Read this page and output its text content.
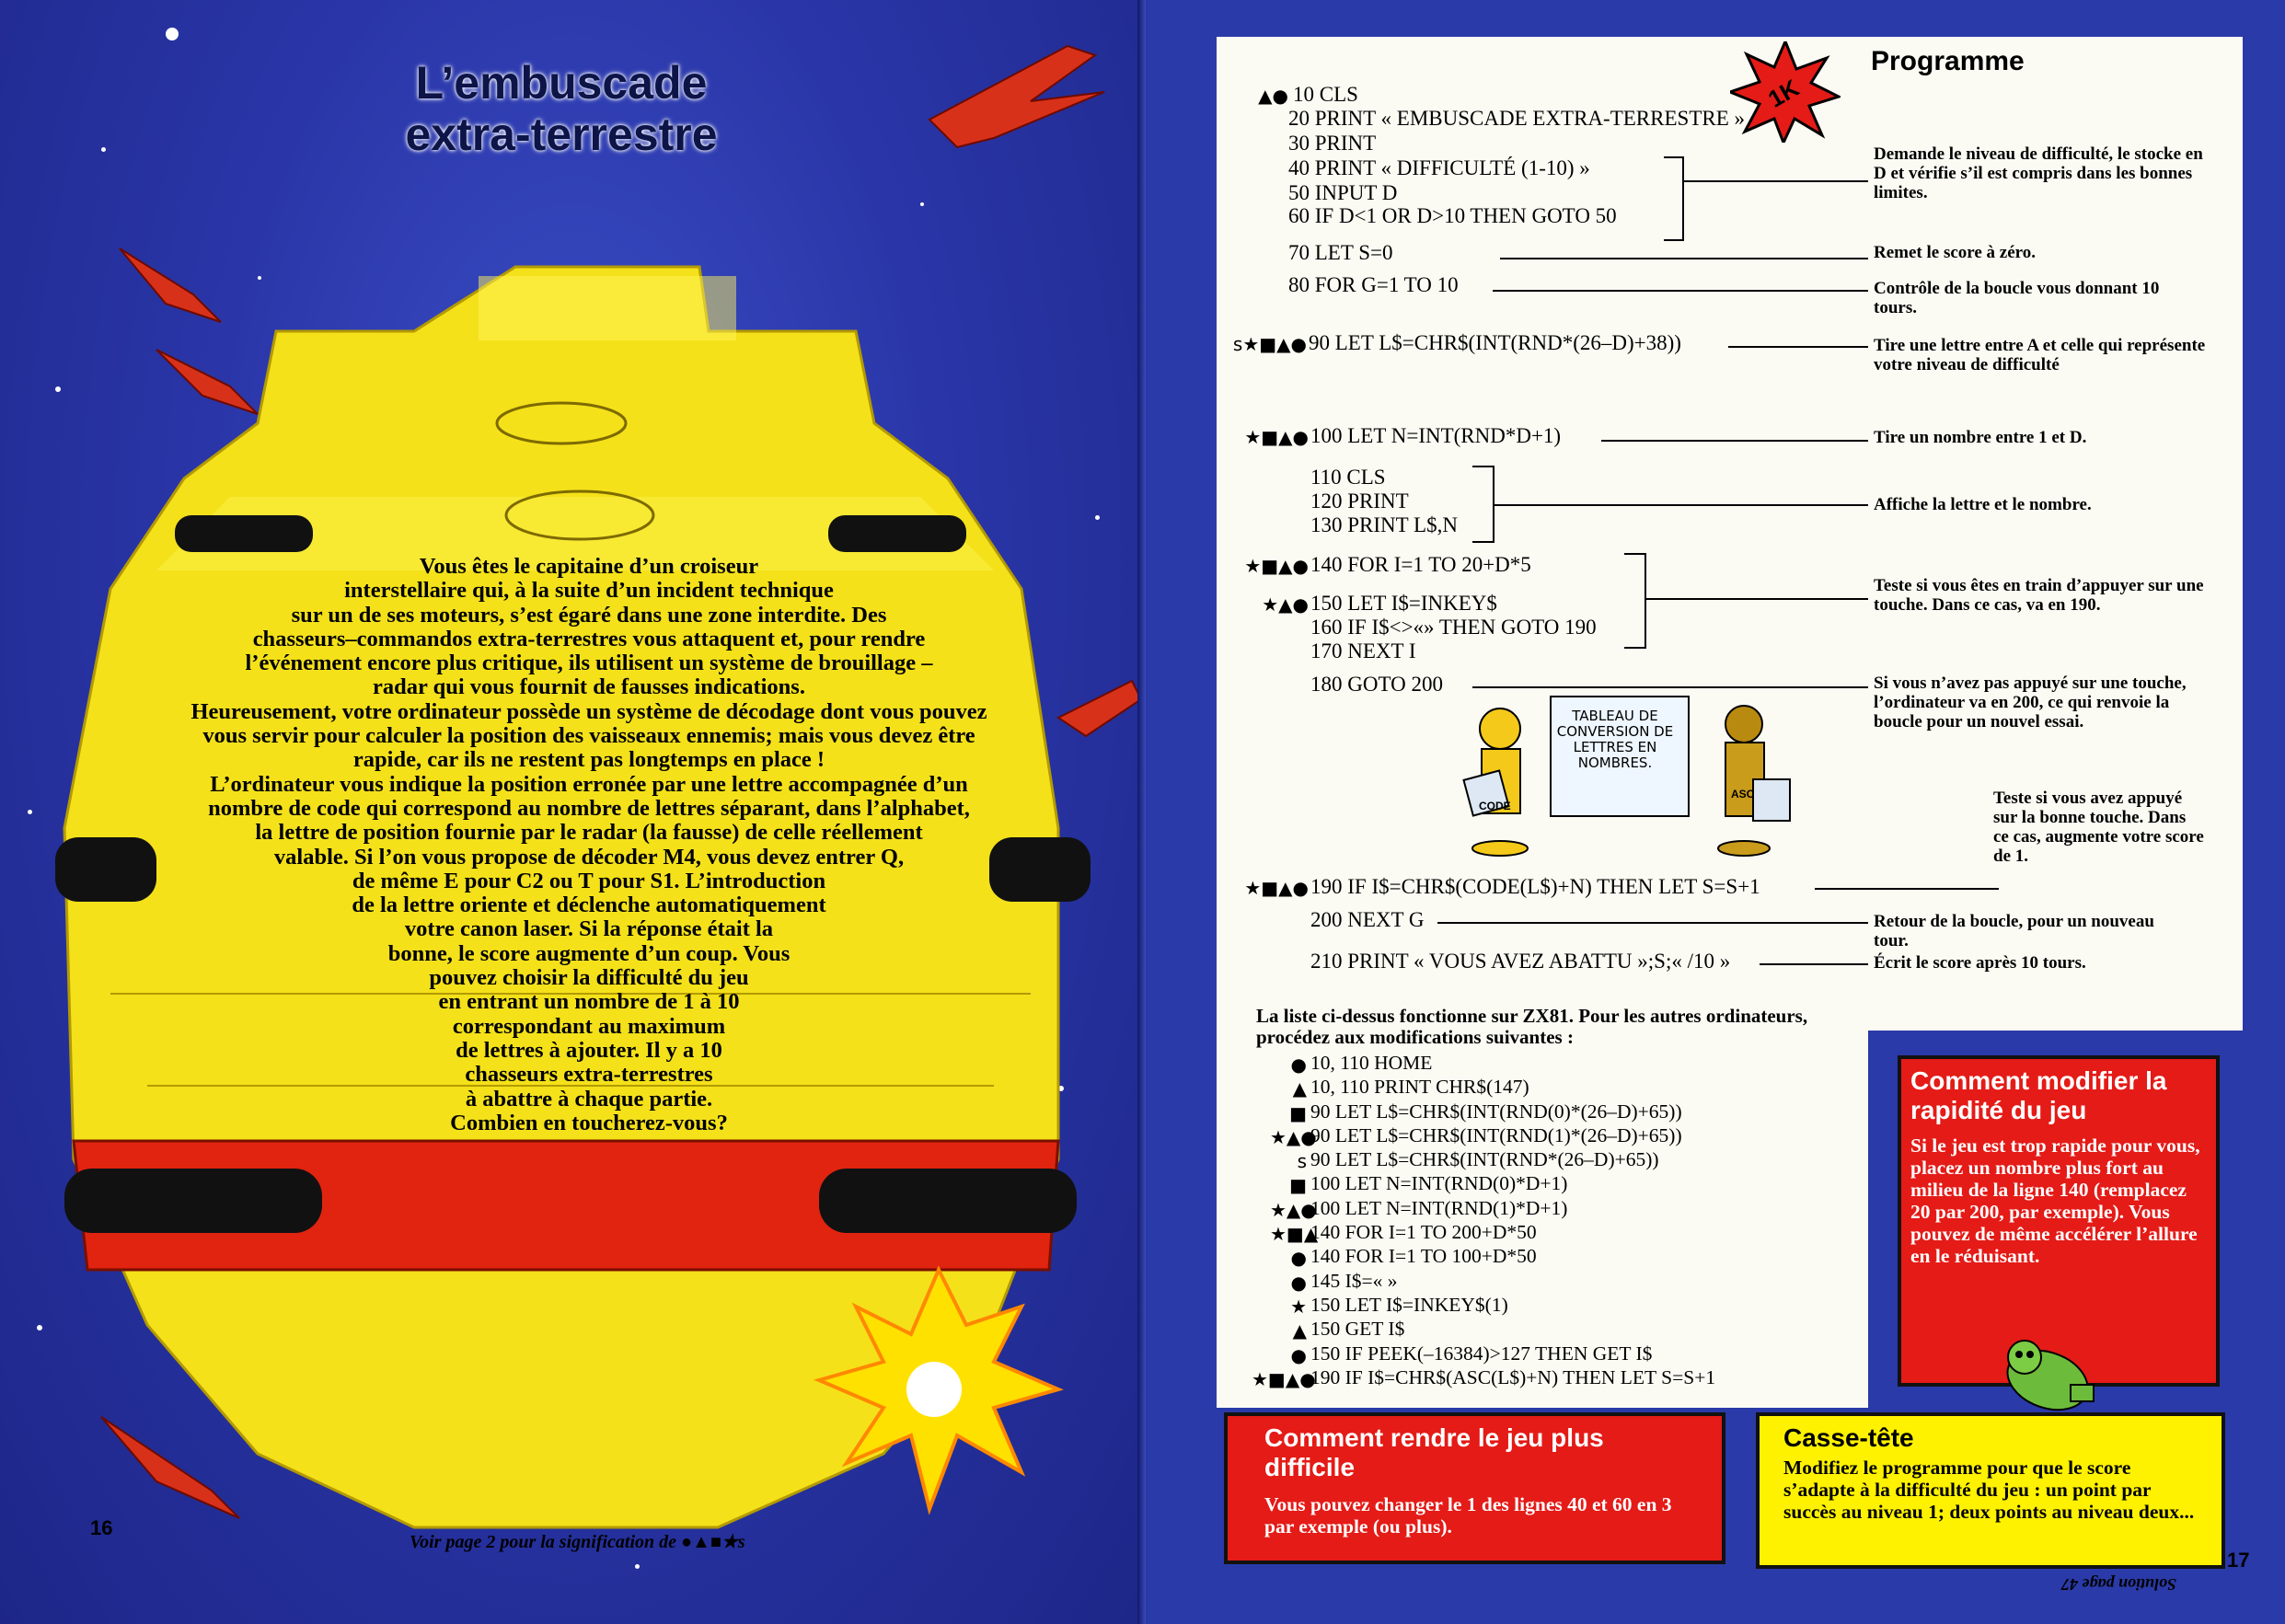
L’embuscade
extra-terrestre
Vous êtes le capitaine d’un croiseur
interstellaire qui, à la suite d’un incident technique
sur un de ses moteurs, s’est égaré dans une zone interdite. Des
chasseurs–commandos extra-terrestres vous attaquent et, pour rendre
l’événement encore plus critique, ils utilisent un système de brouillage –
radar qui vous fournit de fausses indications.
Heureusement, votre ordinateur possède un système de décodage dont vous pouvez
vous servir pour calculer la position des vaisseaux ennemis; mais vous devez être
rapide, car ils ne restent pas longtemps en place !
L’ordinateur vous indique la position erronée par une lettre accompagnée d’un
nombre de code qui correspond au nombre de lettres séparant, dans l’alphabet,
la lettre de position fournie par le radar (la fausse) de celle réellement
valable. Si l’on vous propose de décoder M4, vous devez entrer Q,
de même E pour C2 ou T pour S1. L’introduction
de la lettre oriente et déclenche automatiquement
votre canon laser. Si la réponse était la
bonne, le score augmente d’un coup. Vous
pouvez choisir la difficulté du jeu
en entrant un nombre de 1 à 10
correspondant au maximum
de lettres à ajouter. Il y a 10
chasseurs extra-terrestres
à abattre à chaque partie.
Combien en toucherez-vous?
16
Voir page 2 pour la signification de ●▲■★s
1K
Programme
▲● 10 CLS
20 PRINT « EMBUSCADE EXTRA-TERRESTRE »
30 PRINT
40 PRINT « DIFFICULTÉ (1-10) »
50 INPUT D
60 IF D<1 OR D>10 THEN GOTO 50
70 LET S=0
80 FOR G=1 TO 10
s★■▲● 90 LET L$=CHR$(INT(RND*(26–D)+38))
★■▲● 100 LET N=INT(RND*D+1)
110 CLS
120 PRINT
130 PRINT L$,N
★■▲● 140 FOR I=1 TO 20+D*5
★▲● 150 LET I$=INKEY$
160 IF I$<>«» THEN GOTO 190
170 NEXT I
180 GOTO 200
★■▲● 190 IF I$=CHR$(CODE(L$)+N) THEN LET S=S+1
200 NEXT G
210 PRINT « VOUS AVEZ ABATTU »;S;« /10 »
Demande le niveau de difficulté, le stocke en D et vérifie s’il est compris dans les bonnes limites.
Remet le score à zéro.
Contrôle de la boucle vous donnant 10 tours.
Tire une lettre entre A et celle qui représente votre niveau de difficulté
Tire un nombre entre 1 et D.
Affiche la lettre et le nombre.
Teste si vous êtes en train d’appuyer sur une touche. Dans ce cas, va en 190.
Si vous n’avez pas appuyé sur une touche, l’ordinateur va en 200, ce qui renvoie la boucle pour un nouvel essai.
Teste si vous avez appuyé sur la bonne touche. Dans ce cas, augmente votre score de 1.
Retour de la boucle, pour un nouveau tour.
Écrit le score après 10 tours.
CODE
ASC
TABLEAU DE CONVERSION DE LETTRES EN NOMBRES.
La liste ci-dessus fonctionne sur ZX81. Pour les autres ordinateurs, procédez aux modifications suivantes :
● 10, 110 HOME
▲ 10, 110 PRINT CHR$(147)
■ 90 LET L$=CHR$(INT(RND(0)*(26–D)+65))
★▲●
90 LET L$=CHR$(INT(RND(1)*(26–D)+65))
s 90 LET L$=CHR$(INT(RND*(26–D)+65))
■ 100 LET N=INT(RND(0)*D+1)
★▲●
100 LET N=INT(RND(1)*D+1)
★■▲
140 FOR I=1 TO 200+D*50
● 140 FOR I=1 TO 100+D*50
● 145 I$=« »
★ 150 LET I$=INKEY$(1)
▲ 150 GET I$
● 150 IF PEEK(–16384)>127 THEN GET I$
★■▲●
190 IF I$=CHR$(ASC(L$)+N) THEN LET S=S+1
Comment modifier la rapidité du jeu
Si le jeu est trop rapide pour vous, placez un nombre plus fort au milieu de la ligne 140 (remplacez 20 par 200, par exemple). Vous pouvez de même accélérer l’allure en le réduisant.
Comment rendre le jeu plus difficile
Vous pouvez changer le 1 des lignes 40 et 60 en 3 par exemple (ou plus).
Casse-tête
Modifiez le programme pour que le score s’adapte à la difficulté du jeu : un point par succès au niveau 1; deux points au niveau deux...
17
Solution page 47
